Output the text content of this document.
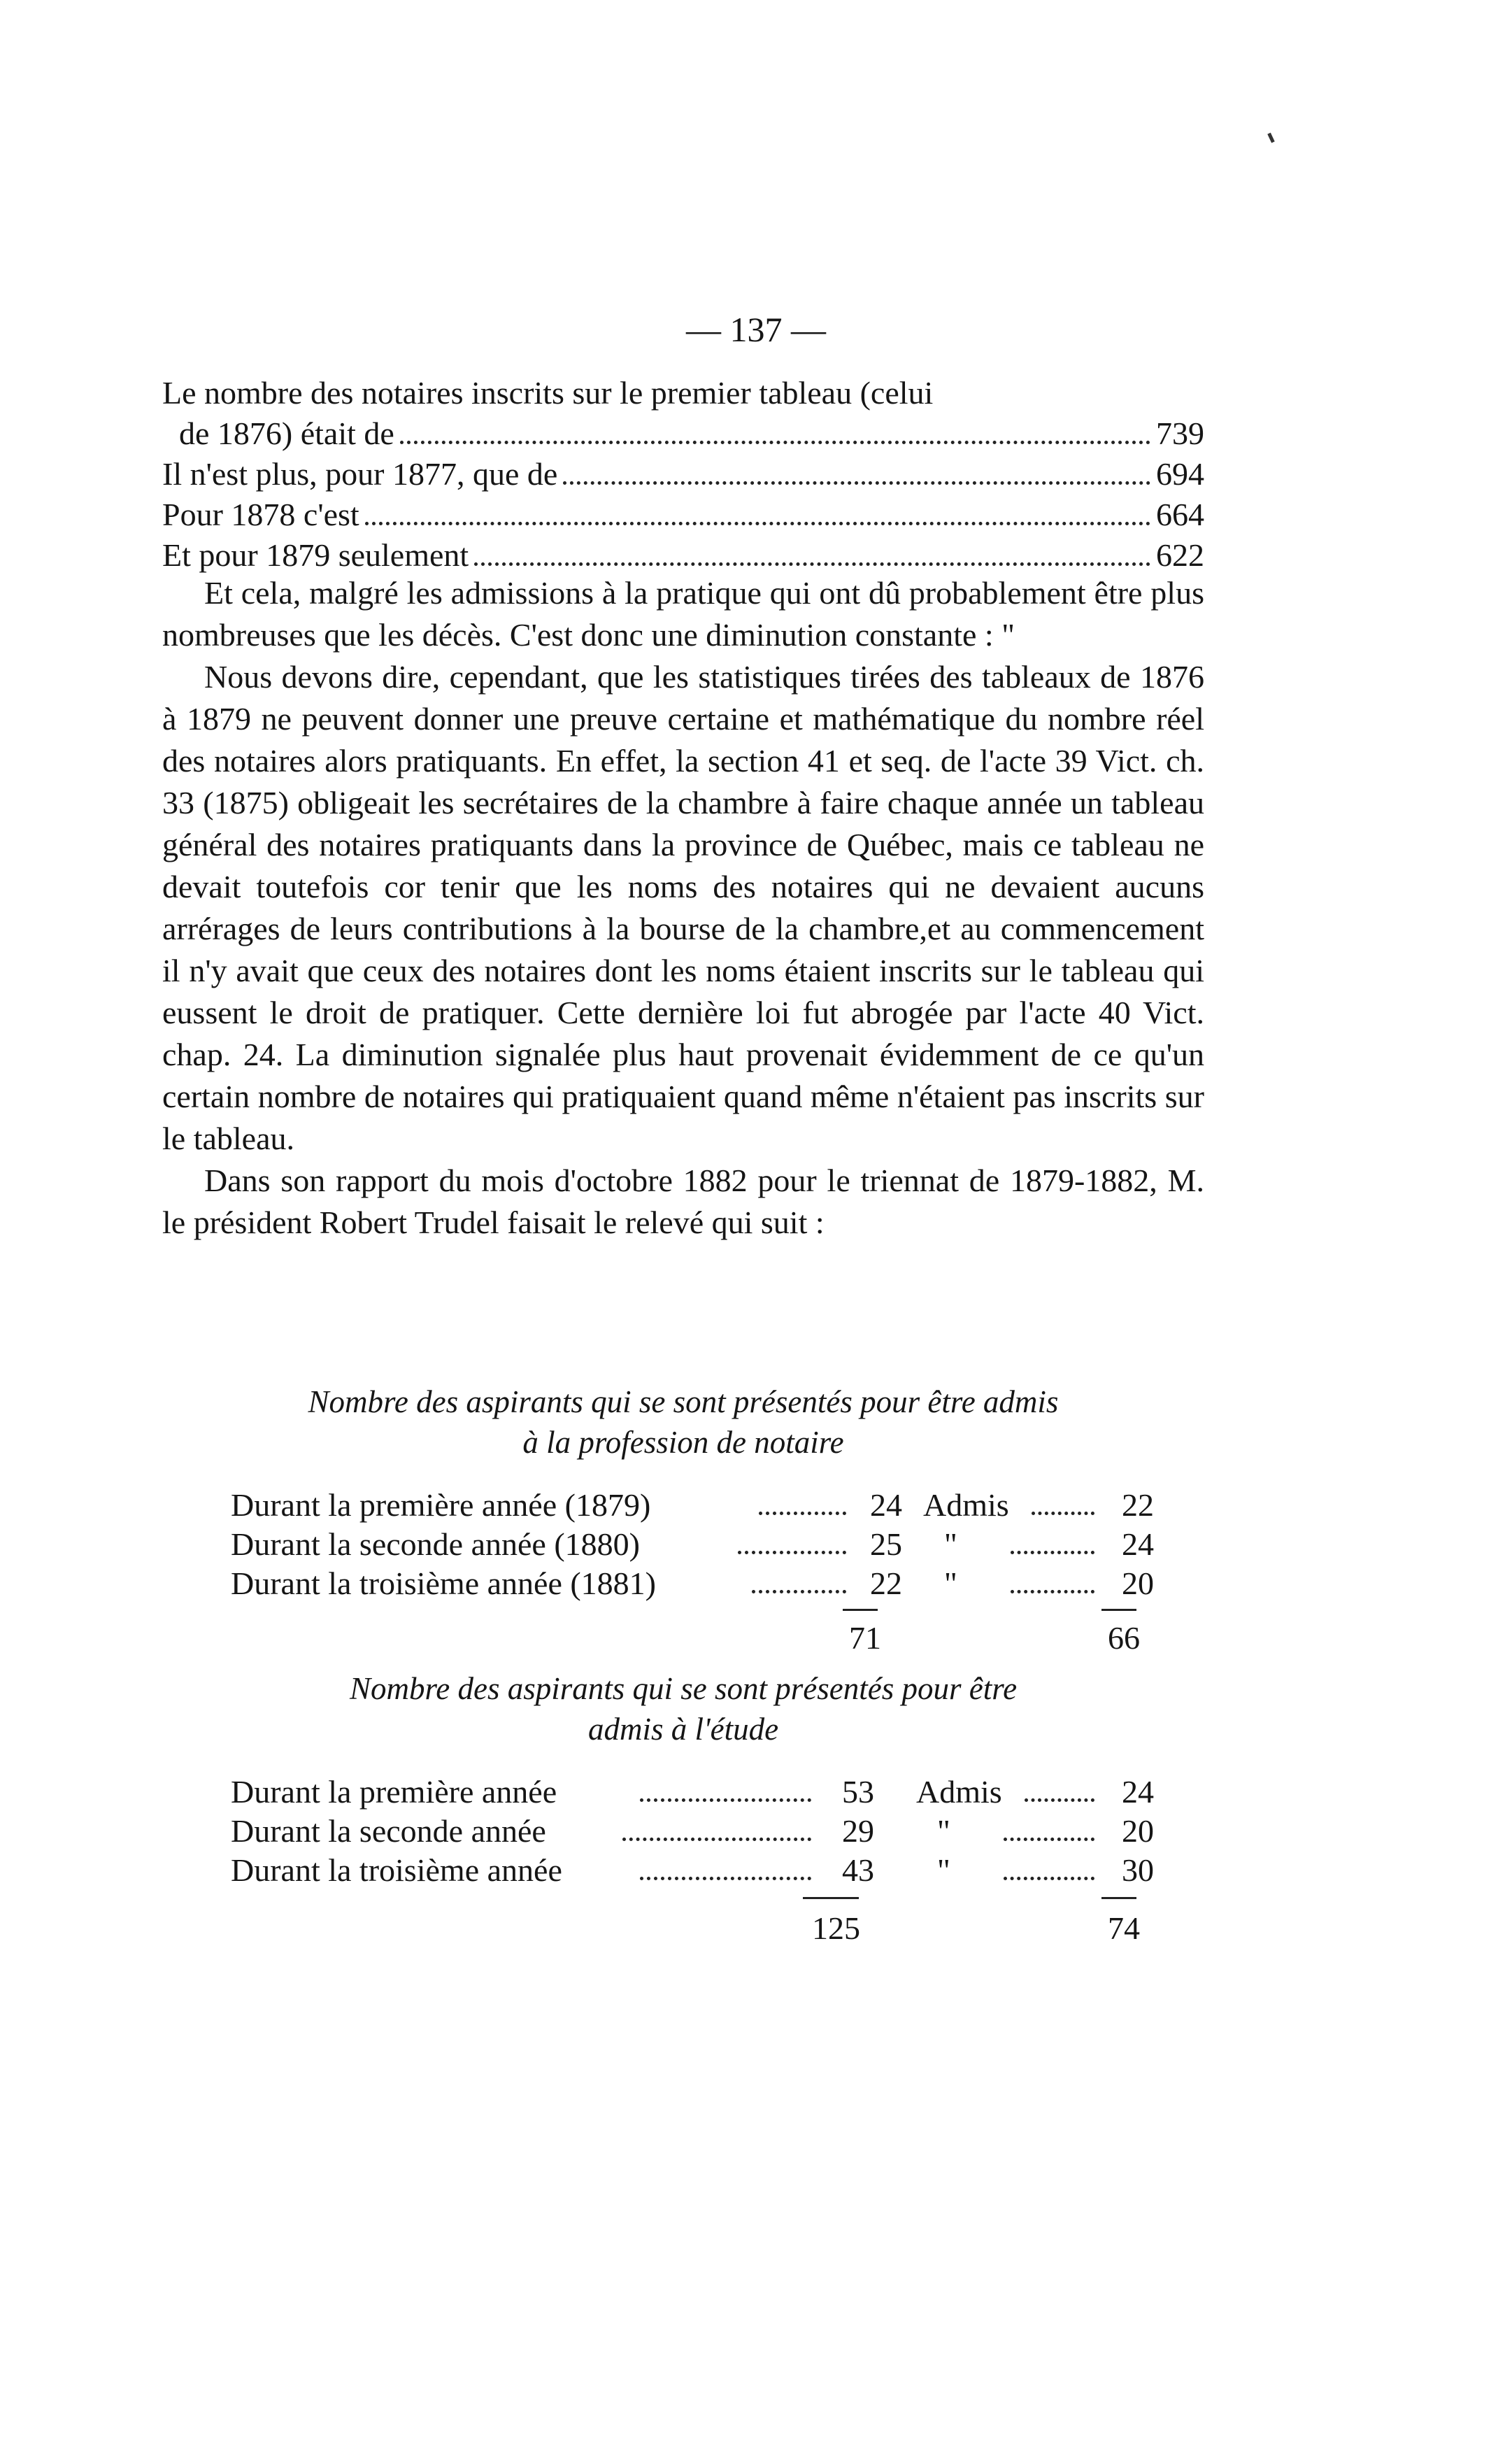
— 137 —
Le nombre des notaires inscrits sur le premier tableau (celui
de 1876) était de	739
Il n'est plus, pour 1877, que de	694
Pour 1878 c'est	664
Et pour 1879 seulement	622

Et cela, malgré les admissions à la pratique qui ont dû probablement être plus nombreuses que les décès. C'est donc une diminution constante : "

Nous devons dire, cependant, que les statistiques tirées des tableaux de 1876 à 1879 ne peuvent donner une preuve certaine et mathématique du nombre réel des notaires alors pratiquants. En effet, la section 41 et seq. de l'acte 39 Vict. ch. 33 (1875) obligeait les secrétaires de la chambre à faire chaque année un tableau général des notaires pratiquants dans la province de Québec, mais ce tableau ne devait toutefois cor tenir que les noms des notaires qui ne devaient aucuns arrérages de leurs contributions à la bourse de la chambre,et au commencement il n'y avait que ceux des notaires dont les noms étaient inscrits sur le tableau qui eussent le droit de pratiquer. Cette dernière loi fut abrogée par l'acte 40 Vict. chap. 24. La diminution signalée plus haut provenait évidemment de ce qu'un certain nombre de notaires qui pratiquaient quand même n'étaient pas inscrits sur le tableau.

Dans son rapport du mois d'octobre 1882 pour le triennat de 1879-1882, M. le président Robert Trudel faisait le relevé qui suit :

Nombre des aspirants qui se sont présentés pour être admis
à la profession de notaire
Durant la première année (1879)	24 Admis	22
Durant la seconde année (1880)	25 "	24
Durant la troisième année (1881)	22 "	20
71	66
Nombre des aspirants qui se sont présentés pour être
admis à l'étude
Durant la première année	53 Admis	24
Durant la seconde année	29 "	20
Durant la troisième année	43 "	30
125	74
